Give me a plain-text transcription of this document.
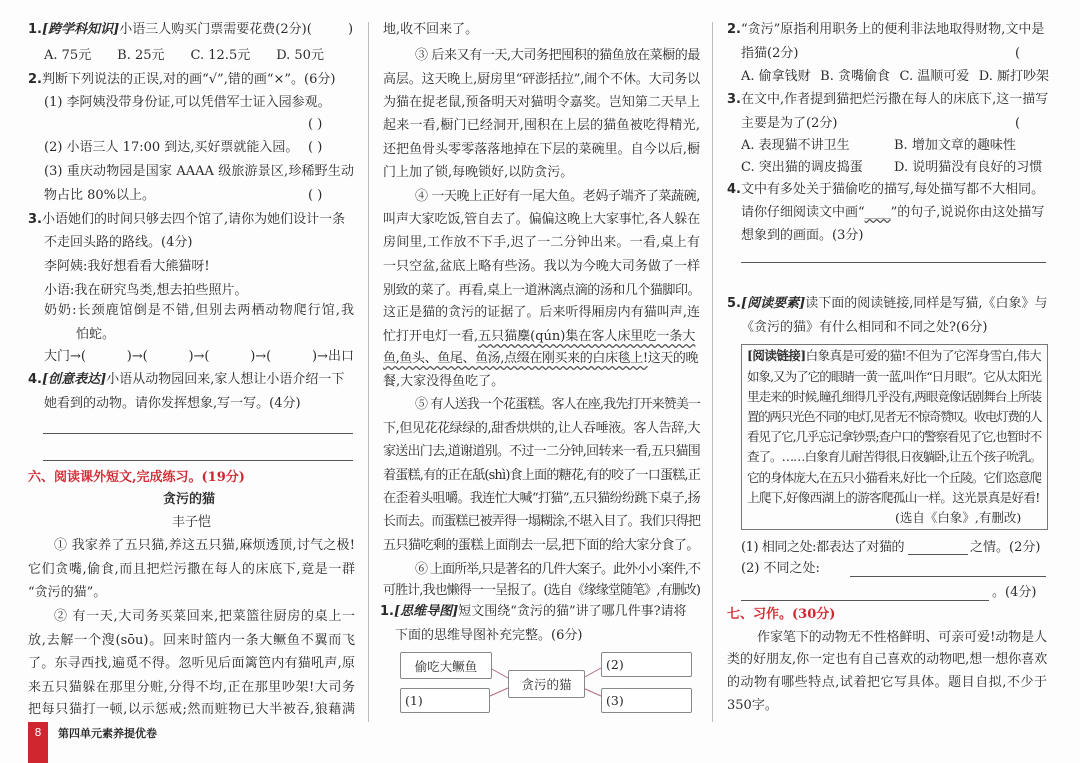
1.[跨学科知识]小语三人购买门票需要花费(2分)(	)
A. 75元 B. 25元 C. 12.5元 D. 50元
2.判断下列说法的正误,对的画“√”,错的画“×”。(6分)
(1) 李阿姨没带身份证,可以凭借军士证入园参观。
( )
(2) 小语三人 17:00 到达,买好票就能入园。 ( )
(3) 重庆动物园是国家 AAAA 级旅游景区,珍稀野生动
物占比 80%以上。	( )
3.小语她们的时间只够去四个馆了,请你为她们设计一条
不走回头路的路线。(4分)
李阿姨:我好想看看大熊猫呀!
小语:我在研究鸟类,想去拍些照片。
奶奶:长颈鹿馆倒是不错,但别去两栖动物爬行馆,我
怕蛇。
大门→(	)→(	)→(	)→(	)→出口
4.[创意表达]小语从动物园回来,家人想让小语介绍一下
她看到的动物。请你发挥想象,写一写。(4分)
六、阅读课外短文,完成练习。(19分)
贪污的猫
丰子恺
① 我家养了五只猫,养这五只猫,麻烦透顶,讨气之极!
它们贪嘴,偷食,而且把烂污撒在每人的床底下,竟是一群
“贪污的猫”。
② 有一天,大司务买菜回来,把菜篮往厨房的桌上一
放,去解一个溲(sōu)。回来时篮内一条大鳜鱼不翼而飞
了。东寻西找,遍觅不得。忽听见后面篱笆内有猫吼声,原
来五只猫躲在那里分赃,分得不均,正在那里吵架!大司务
把每只猫打一顿,以示惩戒;然而赃物已大半被吞,狼藉满
地,收不回来了。
③ 后来又有一天,大司务把囤积的猫鱼放在菜橱的最
高层。这天晚上,厨房里“砰澎括拉”,闹个不休。大司务以
为猫在捉老鼠,预备明天对猫明令嘉奖。岂知第二天早上
起来一看,橱门已经洞开,囤积在上层的猫鱼被吃得精光,
还把鱼骨头零零落落地掉在下层的菜碗里。自今以后,橱
门上加了锁,每晚锁好,以防贪污。
④ 一天晚上正好有一尾大鱼。老妈子端齐了菜蔬碗,
叫声大家吃饭,管自去了。偏偏这晚上大家事忙,各人躲在
房间里,工作放不下手,迟了一二分钟出来。一看,桌上有
一只空盆,盆底上略有些汤。我以为今晚大司务做了一样
别致的菜了。再看,桌上一道淋漓点滴的汤和几个猫脚印。
这正是猫的贪污的证据了。后来听得厢房内有猫叫声,连
忙打开电灯一看,五只猫麇(qún)集在客人床里吃一条大
鱼,鱼头、鱼尾、鱼汤,点缀在刚买来的白床毯上!这天的晚
餐,大家没得鱼吃了。
⑤ 有人送我一个花蛋糕。客人在座,我先打开来赞美一
下,但见花花绿绿的,甜香烘烘的,让人吞唾液。客人告辞,大
家送出门去,道谢道别。不过一二分钟,回转来一看,五只猫围
着蛋糕,有的正在舐(shì)食上面的糖花,有的咬了一口蛋糕,正
在歪着头咀嚼。我连忙大喊“打猫”,五只猫纷纷跳下桌子,扬
长而去。而蛋糕已被弄得一塌糊涂,不堪入目了。我们只得把
五只猫吃剩的蛋糕上面削去一层,把下面的给大家分食了。
⑥ 上面所举,只是著名的几件大案子。此外小小案件,不
可胜计,我也懒得一一呈报了。(选自《缘缘堂随笔》,有删改)
1.[思维导图]短文围绕“贪污的猫”讲了哪几件事?请将
下面的思维导图补充完整。(6分)
偷吃大鳜鱼
(1)
贪污的猫
(2)
(3)
2.“贪污”原指利用职务上的便利非法地取得财物,文中是
指猫(2分)	(
A. 偷拿钱财 B. 贪嘴偷食 C. 温顺可爱 D. 厮打吵架
3.在文中,作者提到猫把烂污撒在每人的床底下,这一描写
主要是为了(2分)	(
A. 表现猫不讲卫生	B. 增加文章的趣味性
C. 突出猫的调皮捣蛋	D. 说明猫没有良好的习惯
4.文中有多处关于猫偷吃的描写,每处描写都不大相同。
请你仔细阅读文中画“____”的句子,说说你由这处描写
想象到的画面。(3分)
5.[阅读要素]读下面的阅读链接,同样是写猫,《白象》与
《贪污的猫》有什么相同和不同之处?(6分)
[阅读链接]白象真是可爱的猫!不但为了它浑身雪白,伟大
如象,又为了它的眼睛一黄一蓝,叫作“日月眼”。它从太阳光
里走来的时候,瞳孔细得几乎没有,两眼竟像话剧舞台上所装
置的两只光色不同的电灯,见者无不惊奇赞叹。收电灯费的人
看见了它,几乎忘记拿钞票;查户口的警察看见了它,也暂时不
查了。……白象育儿耐苦得很,日夜躺卧,让五个孩子吮乳。
它的身体庞大,在五只小猫看来,好比一个丘陵。它们恣意爬
上爬下,好像西湖上的游客爬孤山一样。这光景真是好看!
(选自《白象》,有删改)
(1) 相同之处:都表达了对猫的	之情。(2分)
(2) 不同之处:
。(4分)
七、习作。(30分)
作家笔下的动物无不性格鲜明、可亲可爱!动物是人
类的好朋友,你一定也有自己喜欢的动物吧,想一想你喜欢
的动物有哪些特点,试着把它写具体。题目自拟,不少于
350字。
8	第四单元素养提优卷
